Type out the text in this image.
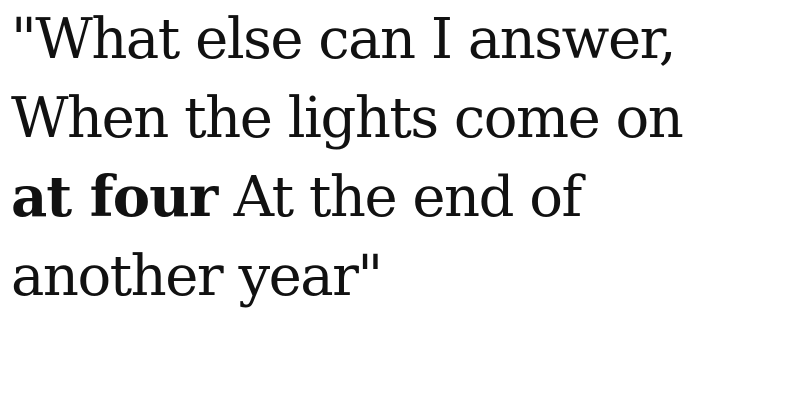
"What else can I answer,
When the lights come on
at four At the end of
another year"
